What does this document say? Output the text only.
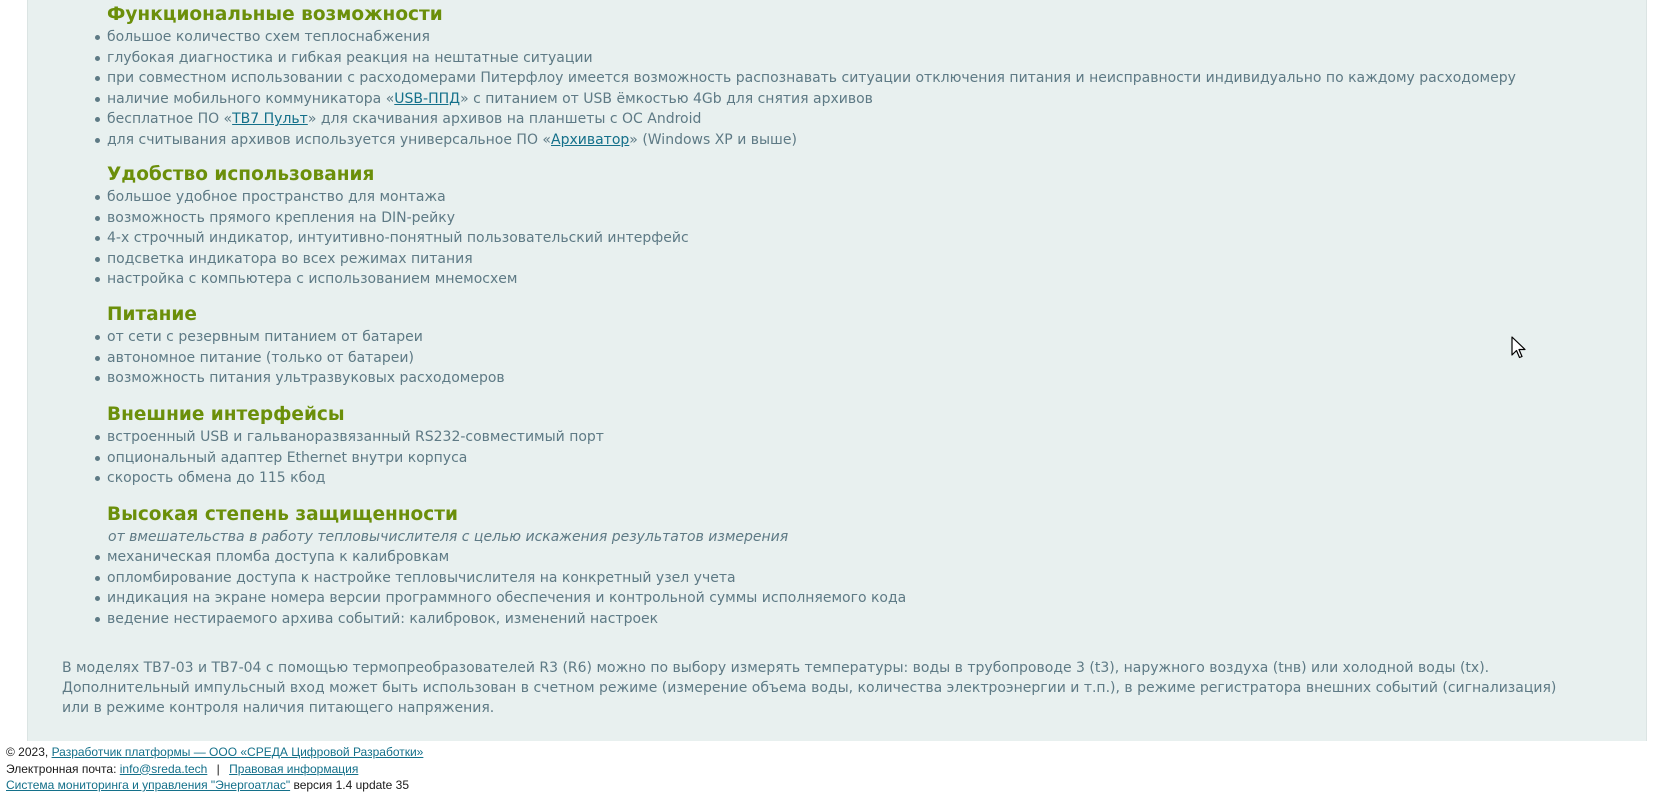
Функциональные возможности
большое количество схем теплоснабжения
глубокая диагностика и гибкая реакция на нештатные ситуации
при совместном использовании с расходомерами Питерфлоу имеется возможность распознавать ситуации отключения питания и неисправности индивидуально по каждому расходомеру
наличие мобильного коммуникатора «USB-ППД» с питанием от USB ёмкостью 4Gb для снятия архивов
бесплатное ПО «ТВ7 Пульт» для скачивания архивов на планшеты с ОС Android
для считывания архивов используется универсальное ПО «Архиватор» (Windows XP и выше)
Удобство использования
большое удобное пространство для монтажа
возможность прямого крепления на DIN-рейку
4-х строчный индикатор, интуитивно-понятный пользовательский интерфейс
подсветка индикатора во всех режимах питания
настройка с компьютера с использованием мнемосхем
Питание
от сети с резервным питанием от батареи
автономное питание (только от батареи)
возможность питания ультразвуковых расходомеров
Внешние интерфейсы
встроенный USB и гальваноразвязанный RS232-совместимый порт
опциональный адаптер Ethernet внутри корпуса
скорость обмена до 115 кбод
Высокая степень защищенности
от вмешательства в работу тепловычислителя с целью искажения результатов измерения
механическая пломба доступа к калибровкам
опломбирование доступа к настройке тепловычислителя на конкретный узел учета
индикация на экране номера версии программного обеспечения и контрольной суммы исполняемого кода
ведение нестираемого архива событий: калибровок, изменений настроек

В моделях ТВ7-03 и ТВ7-04 с помощью термопреобразователей R3 (R6) можно по выбору измерять температуры: воды в трубопроводе 3 (t3), наружного воздуха (tнв) или холодной воды (tх).

Дополнительный импульсный вход может быть использован в счетном режиме (измерение объема воды, количества электроэнергии и т.п.), в режиме регистратора внешних событий (сигнализация) или в режиме контроля наличия питающего напряжения.

© 2023, Разработчик платформы — ООО «СРЕДА Цифровой Разработки»
Электронная почта: info@sreda.tech | Правовая информация
Система мониторинга и управления "Энергоатлас" версия 1.4 update 35
